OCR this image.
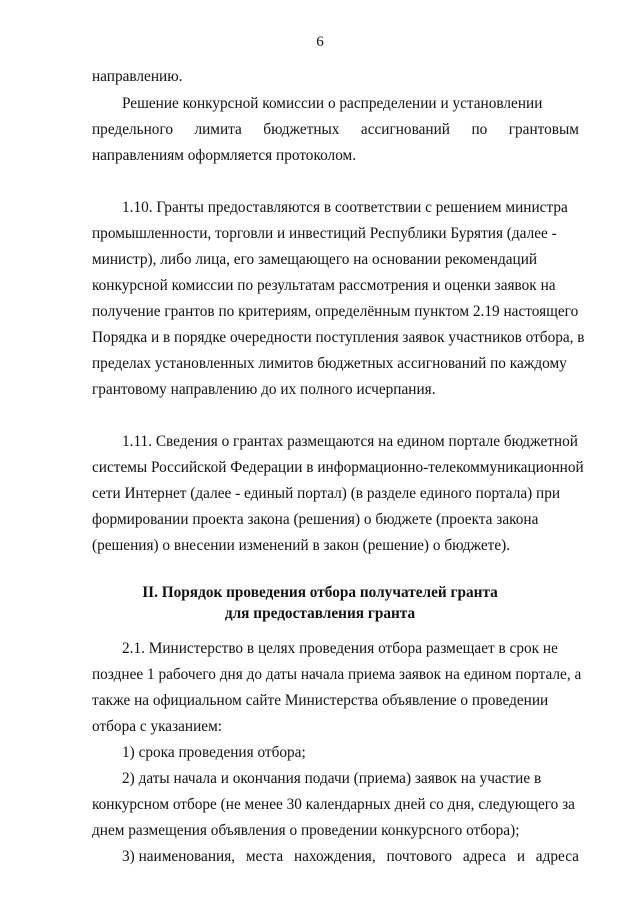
6
направлению.
Решение конкурсной комиссии о распределении и установлении
предельного лимита бюджетных ассигнований по грантовым
направлениям оформляется протоколом.
1.10. Гранты предоставляются в соответствии с решением министра
промышленности, торговли и инвестиций Республики Бурятия (далее -
министр), либо лица, его замещающего на основании рекомендаций
конкурсной комиссии по результатам рассмотрения и оценки заявок на
получение грантов по критериям, определённым пунктом 2.19 настоящего
Порядка и в порядке очередности поступления заявок участников отбора, в
пределах установленных лимитов бюджетных ассигнований по каждому
грантовому направлению до их полного исчерпания.
1.11. Сведения о грантах размещаются на едином портале бюджетной
системы Российской Федерации в информационно-телекоммуникационной
сети Интернет (далее - единый портал) (в разделе единого портала) при
формировании проекта закона (решения) о бюджете (проекта закона
(решения) о внесении изменений в закон (решение) о бюджете).
II. Порядок проведения отбора получателей гранта
для предоставления гранта
2.1. Министерство в целях проведения отбора размещает в срок не
позднее 1 рабочего дня до даты начала приема заявок на едином портале, а
также на официальном сайте Министерства объявление о проведении
отбора с указанием:
1) срока проведения отбора;
2) даты начала и окончания подачи (приема) заявок на участие в
конкурсном отборе (не менее 30 календарных дней со дня, следующего за
днем размещения объявления о проведении конкурсного отбора);
3) наименования, места нахождения, почтового адреса и адреса
